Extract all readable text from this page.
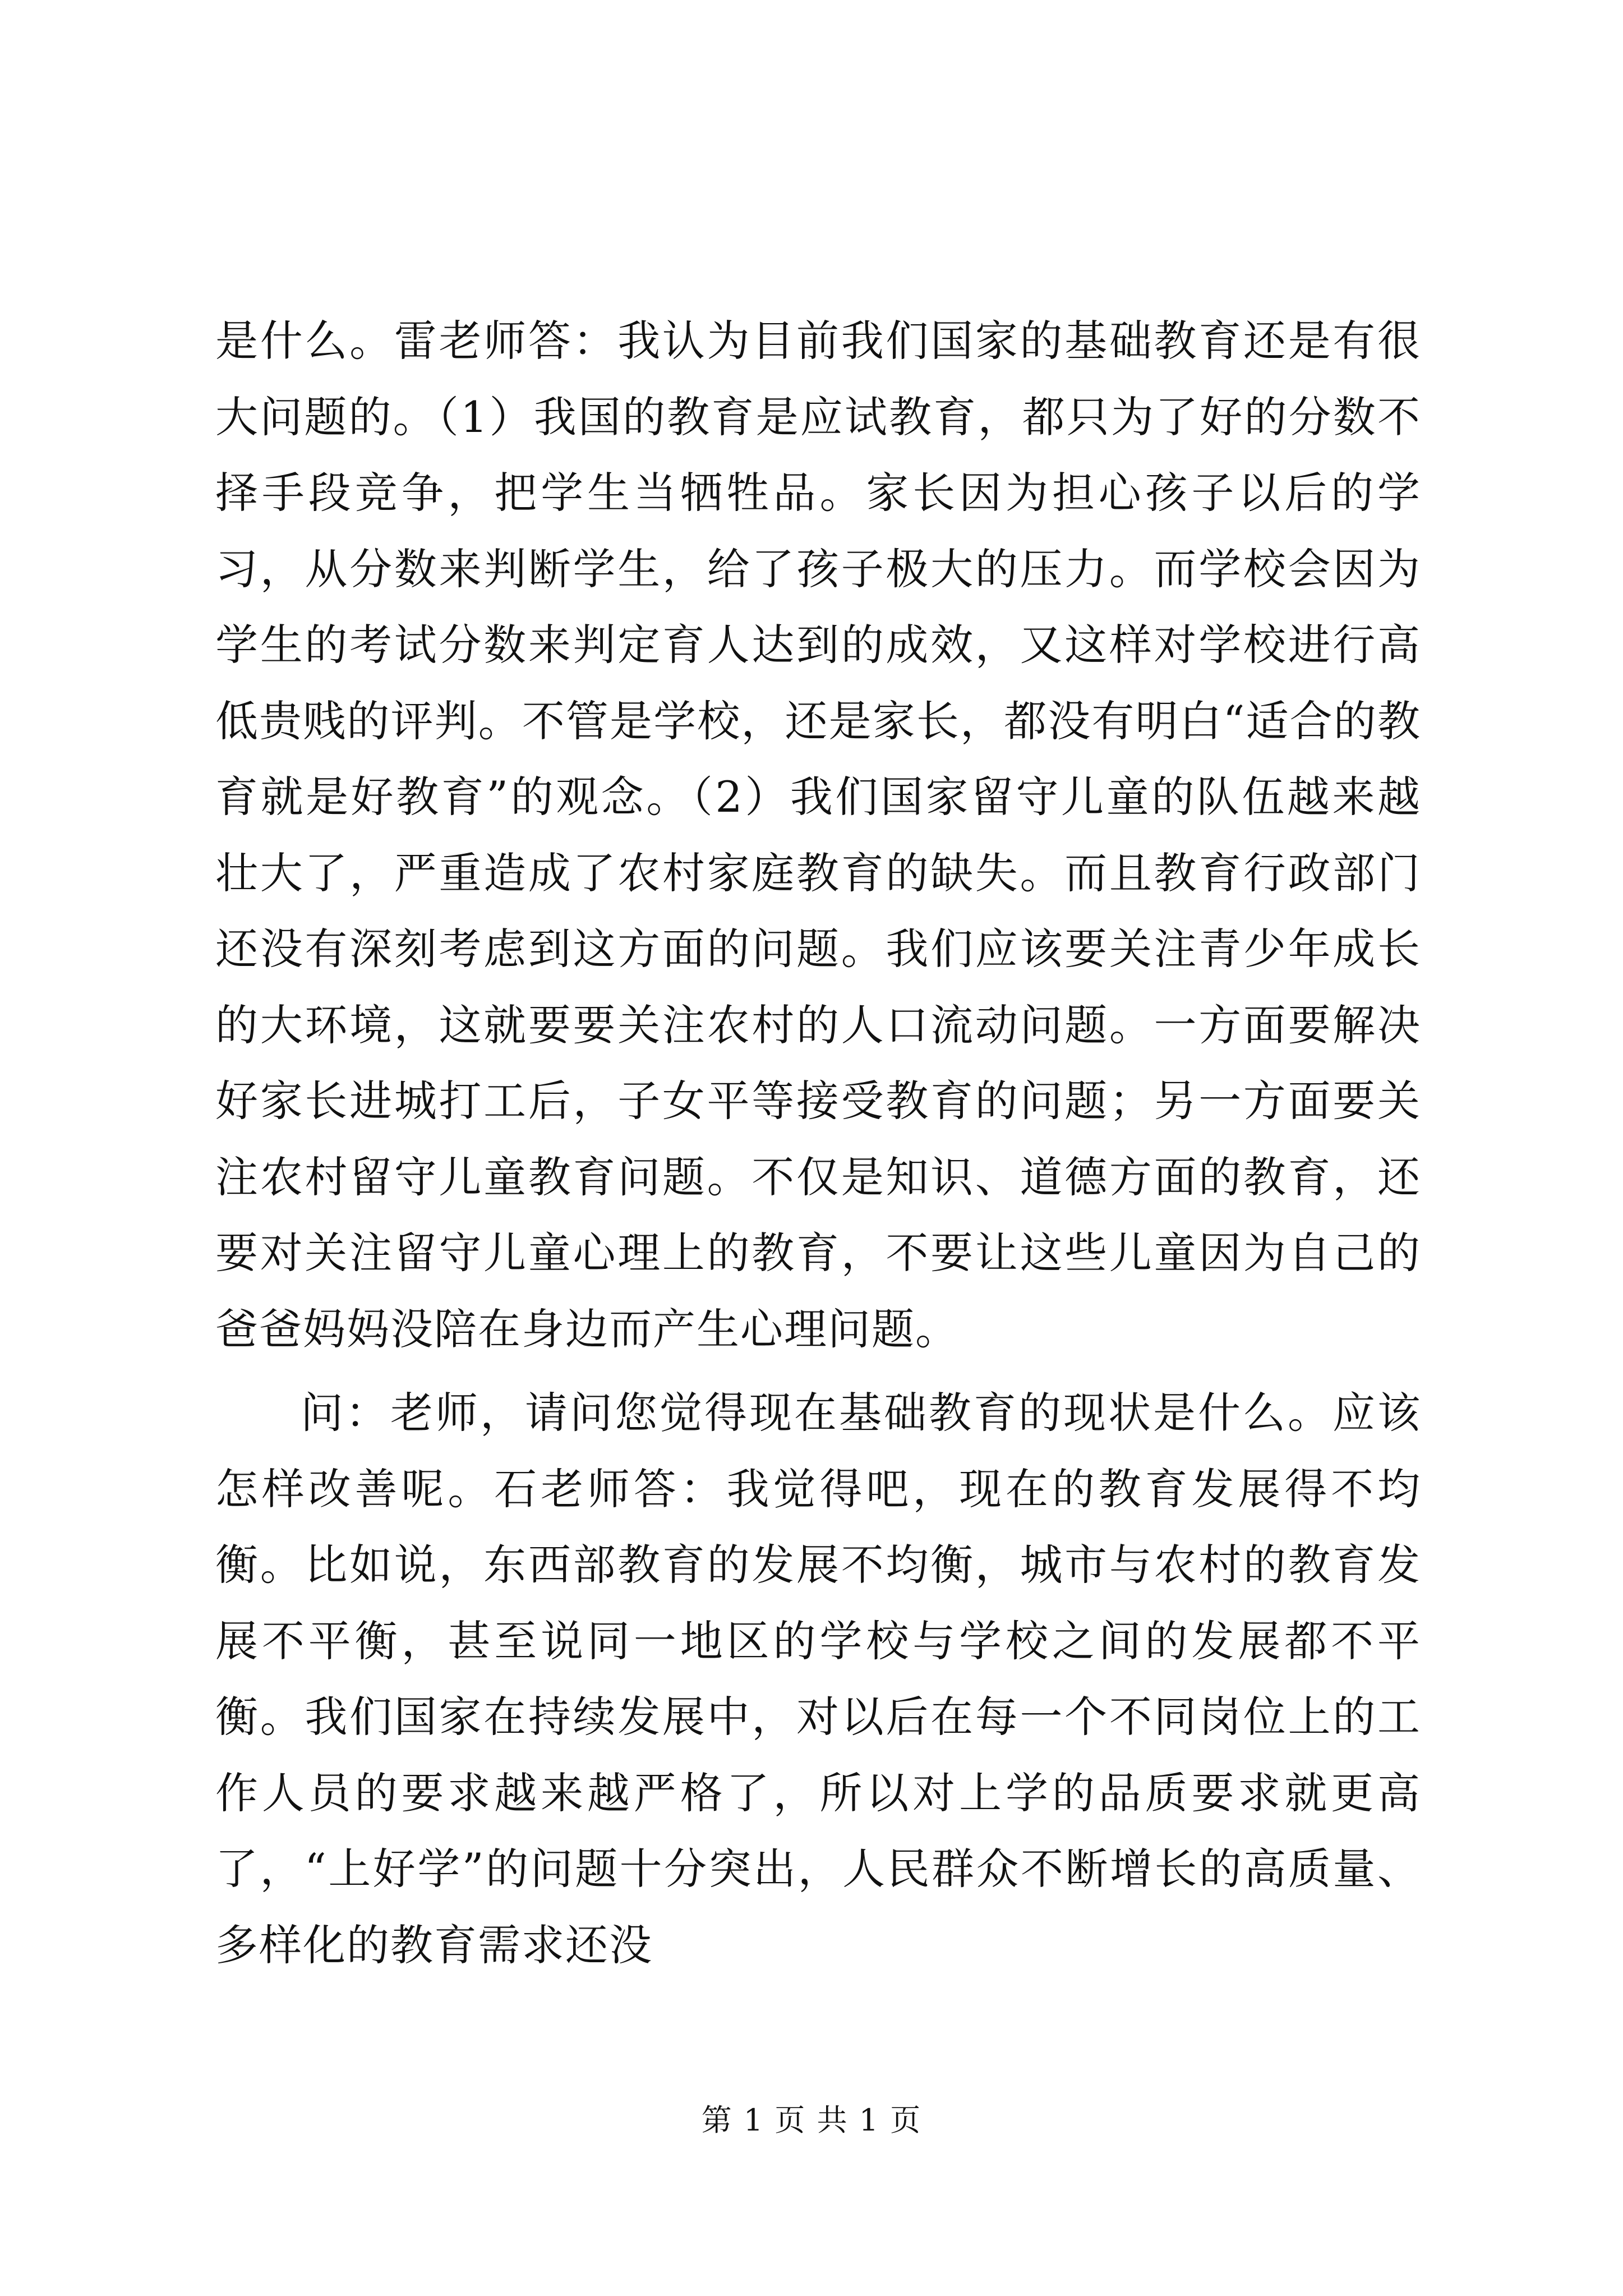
是什么。雷老师答：我认为目前我们国家的基础教育还是有很大问题的。（1）我国的教育是应试教育，都只为了好的分数不择手段竞争，把学生当牺牲品。家长因为担心孩子以后的学习，从分数来判断学生，给了孩子极大的压力。而学校会因为学生的考试分数来判定育人达到的成效，又这样对学校进行高低贵贱的评判。不管是学校，还是家长，都没有明白“适合的教育就是好教育”的观念。（2）我们国家留守儿童的队伍越来越壮大了，严重造成了农村家庭教育的缺失。而且教育行政部门还没有深刻考虑到这方面的问题。我们应该要关注青少年成长的大环境，这就要要关注农村的人口流动问题。一方面要解决好家长进城打工后，子女平等接受教育的问题；另一方面要关注农村留守儿童教育问题。不仅是知识、道德方面的教育，还要对关注留守儿童心理上的教育，不要让这些儿童因为自己的爸爸妈妈没陪在身边而产生心理问题。

问：老师，请问您觉得现在基础教育的现状是什么。应该怎样改善呢。石老师答：我觉得吧，现在的教育发展得不均衡。比如说，东西部教育的发展不均衡，城市与农村的教育发展不平衡，甚至说同一地区的学校与学校之间的发展都不平衡。我们国家在持续发展中，对以后在每一个不同岗位上的工作人员的要求越来越严格了，所以对上学的品质要求就更高了，“上好学”的问题十分突出，人民群众不断增长的高质量、多样化的教育需求还没

第 1 页 共 1 页
